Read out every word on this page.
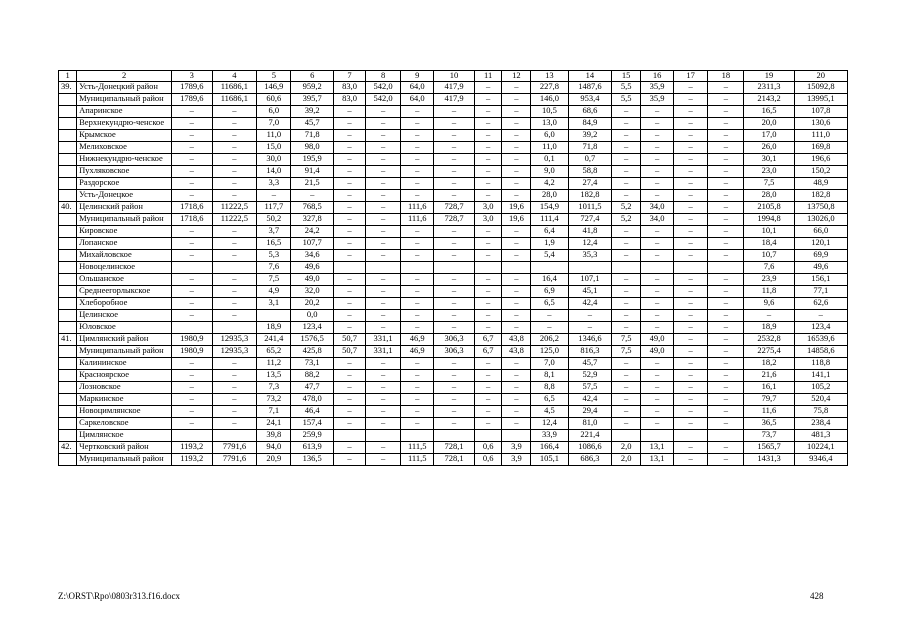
1	2	3	4	5	6	7	8	9	10	11	12	13	14	15	16	17	18	19	20
39.	Усть-Донецкий район	1789,6	11686,1	146,9	959,2	83,0	542,0	64,0	417,9	–	–	227,8	1487,6	5,5	35,9	–	–	2311,3	15092,8
	Муниципальный район	1789,6	11686,1	60,6	395,7	83,0	542,0	64,0	417,9	–	–	146,0	953,4	5,5	35,9	–	–	2143,2	13995,1
	Апаринское	–	–	6,0	39,2	–	–	–	–	–	–	10,5	68,6	–	–	–	–	16,5	107,8
	Верхнекундрю-ченское	–	–	7,0	45,7	–	–	–	–	–	–	13,0	84,9	–	–	–	–	20,0	130,6
	Крымское	–	–	11,0	71,8	–	–	–	–	–	–	6,0	39,2	–	–	–	–	17,0	111,0
	Мелиховское	–	–	15,0	98,0	–	–	–	–	–	–	11,0	71,8	–	–	–	–	26,0	169,8
	Нижнекундрю-ченское	–	–	30,0	195,9	–	–	–	–	–	–	0,1	0,7	–	–	–	–	30,1	196,6
	Пухляковское	–	–	14,0	91,4	–	–	–	–	–	–	9,0	58,8	–	–	–	–	23,0	150,2
	Раздорское	–	–	3,3	21,5	–	–	–	–	–	–	4,2	27,4	–	–	–	–	7,5	48,9
	Усть-Донецкое	–	–	–	–	–	–	–	–	–	–	28,0	182,8	–	–	–	–	28,0	182,8
40.	Целинский район	1718,6	11222,5	117,7	768,5	–	–	111,6	728,7	3,0	19,6	154,9	1011,5	5,2	34,0	–	–	2105,8	13750,8
	Муниципальный район	1718,6	11222,5	50,2	327,8	–	–	111,6	728,7	3,0	19,6	111,4	727,4	5,2	34,0	–	–	1994,8	13026,0
	Кировское	–	–	3,7	24,2	–	–	–	–	–	–	6,4	41,8	–	–	–	–	10,1	66,0
	Лопанское	–	–	16,5	107,7	–	–	–	–	–	–	1,9	12,4	–	–	–	–	18,4	120,1
	Михайловское	–	–	5,3	34,6	–	–	–	–	–	–	5,4	35,3	–	–	–	–	10,7	69,9
	Новоцелинское			7,6	49,6													7,6	49,6
	Ольшанское	–	–	7,5	49,0	–	–	–	–	–	–	16,4	107,1	–	–	–	–	23,9	156,1
	Среднеегорлыкское	–	–	4,9	32,0	–	–	–	–	–	–	6,9	45,1	–	–	–	–	11,8	77,1
	Хлеборобное	–	–	3,1	20,2	–	–	–	–	–	–	6,5	42,4	–	–	–	–	9,6	62,6
	Целинское	–	–		0,0	–	–	–	–	–	–	–	–	–	–	–	–	–	–
	Юловское			18,9	123,4	–	–	–	–	–	–	–	–	–	–	–	–	18,9	123,4
41.	Цимлянский район	1980,9	12935,3	241,4	1576,5	50,7	331,1	46,9	306,3	6,7	43,8	206,2	1346,6	7,5	49,0	–	–	2532,8	16539,6
	Муниципальный район	1980,9	12935,3	65,2	425,8	50,7	331,1	46,9	306,3	6,7	43,8	125,0	816,3	7,5	49,0	–	–	2275,4	14858,6
	Калининское	–	–	11,2	73,1	–	–	–	–	–	–	7,0	45,7	–	–	–	–	18,2	118,8
	Красноярское	–	–	13,5	88,2	–	–	–	–	–	–	8,1	52,9	–	–	–	–	21,6	141,1
	Лозновское	–	–	7,3	47,7	–	–	–	–	–	–	8,8	57,5	–	–	–	–	16,1	105,2
	Маркинское	–	–	73,2	478,0	–	–	–	–	–	–	6,5	42,4	–	–	–	–	79,7	520,4
	Новоцимлянское	–	–	7,1	46,4	–	–	–	–	–	–	4,5	29,4	–	–	–	–	11,6	75,8
	Саркеловское	–	–	24,1	157,4	–	–	–	–	–	–	12,4	81,0	–	–	–	–	36,5	238,4
	Цимлянское			39,8	259,9							33,9	221,4					73,7	481,3
42.	Чертковский район	1193,2	7791,6	94,0	613,9	–	–	111,5	728,1	0,6	3,9	166,4	1086,6	2,0	13,1	–	–	1565,7	10224,1
	Муниципальный район	1193,2	7791,6	20,9	136,5	–	–	111,5	728,1	0,6	3,9	105,1	686,3	2,0	13,1	–	–	1431,3	9346,4
Z:\ORST\Rpo\0803r313.f16.docx	428
